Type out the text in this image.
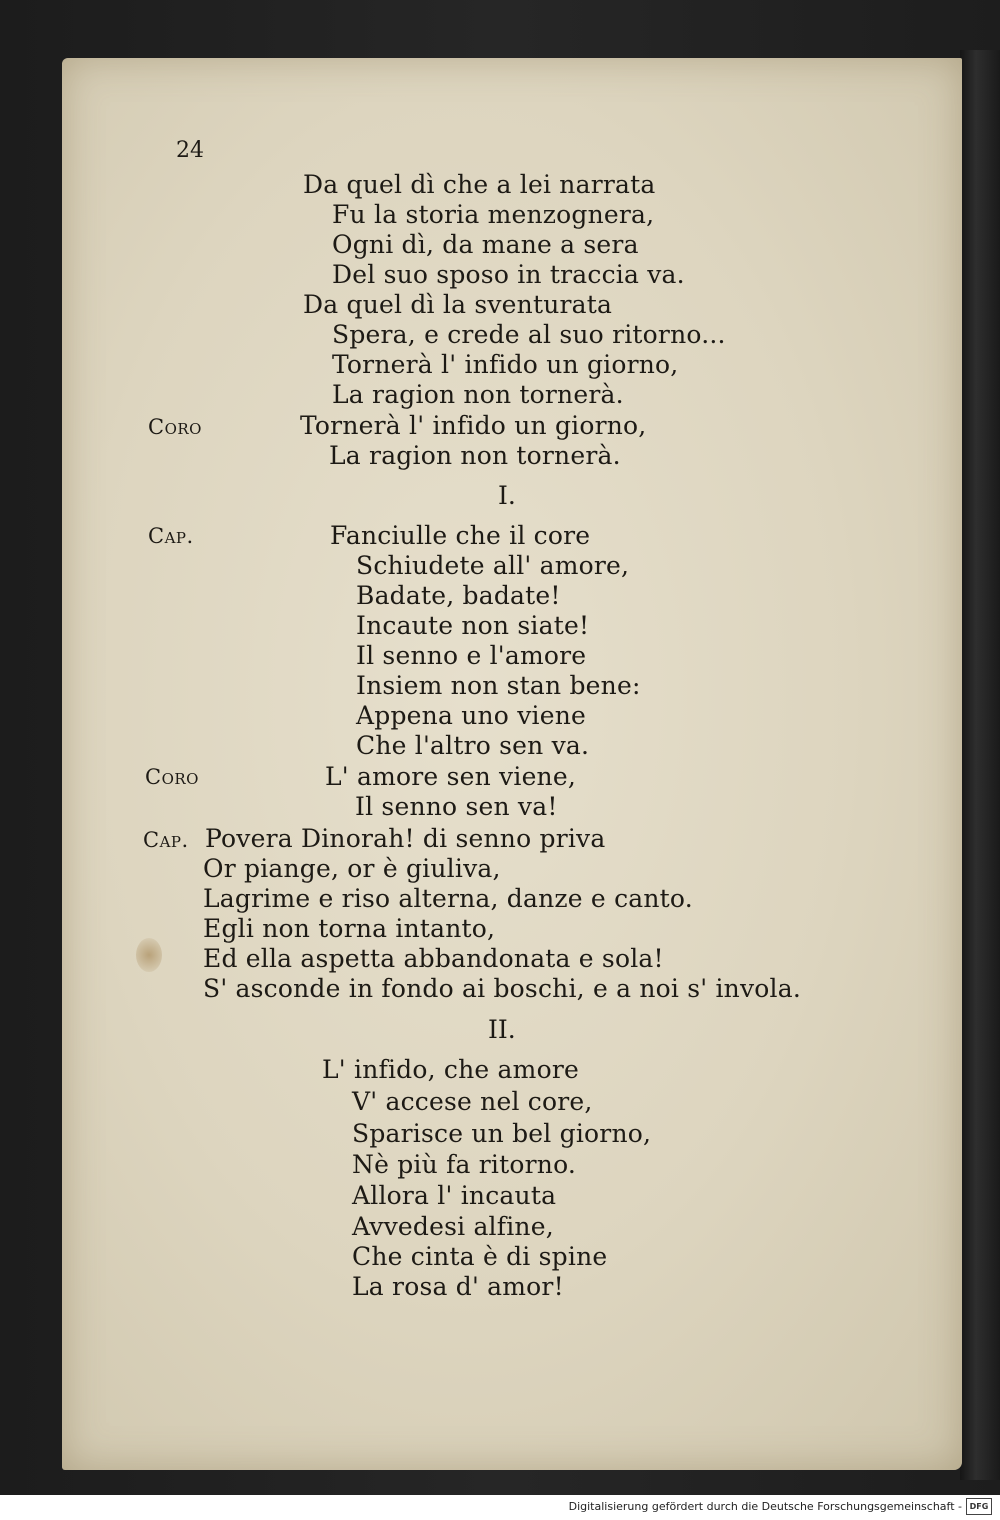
24
Da quel dì che a lei narrata
Fu la storia menzognera,
Ogni dì, da mane a sera
Del suo sposo in traccia va.
Da quel dì la sventurata
Spera, e crede al suo ritorno...
Tornerà l' infido un giorno,
La ragion non tornerà.
Coro	Tornerà l' infido un giorno,
La ragion non tornerà.
I.
Cap.	Fanciulle che il core
Schiudete all' amore,
Badate, badate!
Incaute non siate!
Il senno e l'amore
Insiem non stan bene:
Appena uno viene
Che l'altro sen va.
Coro	L' amore sen viene,
Il senno sen va!
Cap. Povera Dinorah! di senno priva
Or piange, or è giuliva,
Lagrime e riso alterna, danze e canto.
Egli non torna intanto,
Ed ella aspetta abbandonata e sola!
S' asconde in fondo ai boschi, e a noi s' invola.
II.
L' infido, che amore
V' accese nel core,
Sparisce un bel giorno,
Nè più fa ritorno.
Allora l' incauta
Avvedesi alfine,
Che cinta è di spine
La rosa d' amor!
Digitalisierung gefördert durch die Deutsche Forschungsgemeinschaft - DFG
